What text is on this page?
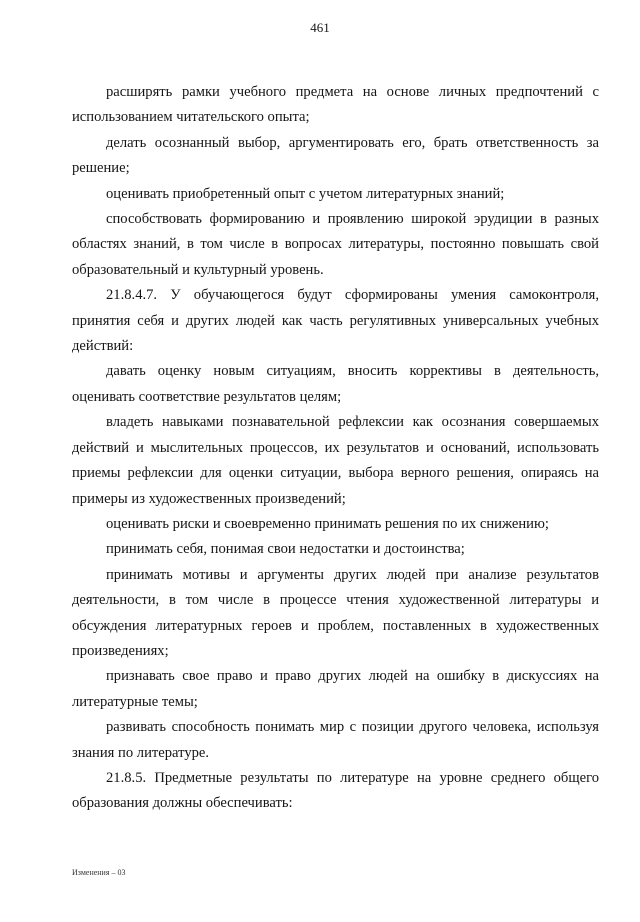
461

расширять рамки учебного предмета на основе личных предпочтений с использованием читательского опыта;

делать осознанный выбор, аргументировать его, брать ответственность за решение;

оценивать приобретенный опыт с учетом литературных знаний;

способствовать формированию и проявлению широкой эрудиции в разных областях знаний, в том числе в вопросах литературы, постоянно повышать свой образовательный и культурный уровень.

21.8.4.7. У обучающегося будут сформированы умения самоконтроля, принятия себя и других людей как часть регулятивных универсальных учебных действий:

давать оценку новым ситуациям, вносить коррективы в деятельность, оценивать соответствие результатов целям;

владеть навыками познавательной рефлексии как осознания совершаемых действий и мыслительных процессов, их результатов и оснований, использовать приемы рефлексии для оценки ситуации, выбора верного решения, опираясь на примеры из художественных произведений;

оценивать риски и своевременно принимать решения по их снижению;

принимать себя, понимая свои недостатки и достоинства;

принимать мотивы и аргументы других людей при анализе результатов деятельности, в том числе в процессе чтения художественной литературы и обсуждения литературных героев и проблем, поставленных в художественных произведениях;

признавать свое право и право других людей на ошибку в дискуссиях на литературные темы;

развивать способность понимать мир с позиции другого человека, используя знания по литературе.

21.8.5. Предметные результаты по литературе на уровне среднего общего образования должны обеспечивать:

Изменения – 03
